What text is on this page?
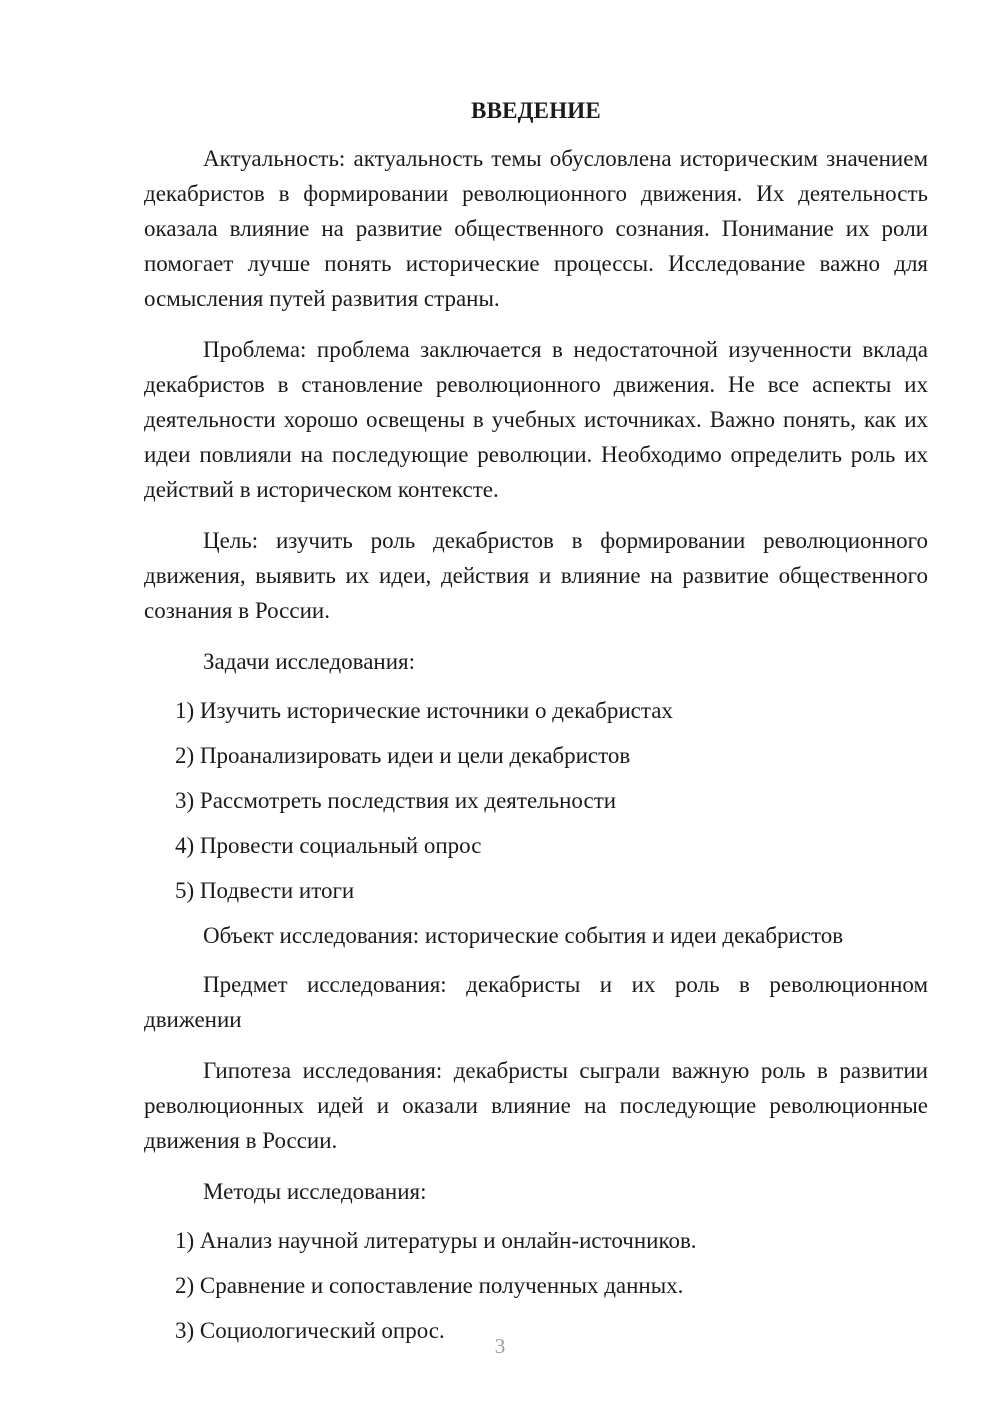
ВВЕДЕНИЕ

Актуальность: актуальность темы обусловлена историческим значением декабристов в формировании революционного движения. Их деятельность оказала влияние на развитие общественного сознания. Понимание их роли помогает лучше понять исторические процессы. Исследование важно для осмысления путей развития страны.

Проблема: проблема заключается в недостаточной изученности вклада декабристов в становление революционного движения. Не все аспекты их деятельности хорошо освещены в учебных источниках. Важно понять, как их идеи повлияли на последующие революции. Необходимо определить роль их действий в историческом контексте.

Цель: изучить роль декабристов в формировании революционного движения, выявить их идеи, действия и влияние на развитие общественного сознания в России.

Задачи исследования:

1) Изучить исторические источники о декабристах
2) Проанализировать идеи и цели декабристов
3) Рассмотреть последствия их деятельности
4) Провести социальный опрос
5) Подвести итоги

Объект исследования: исторические события и идеи декабристов

Предмет исследования: декабристы и их роль в революционном движении

Гипотеза исследования: декабристы сыграли важную роль в развитии революционных идей и оказали влияние на последующие революционные движения в России.

Методы исследования:

1) Анализ научной литературы и онлайн-источников.
2) Сравнение и сопоставление полученных данных.
3) Социологический опрос.
3
